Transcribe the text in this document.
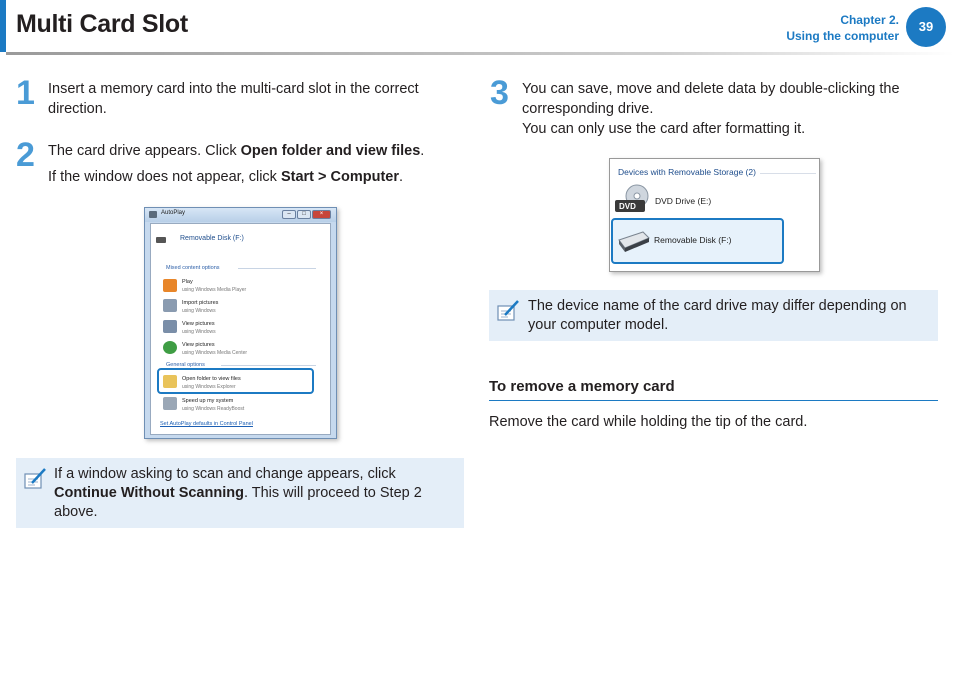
Multi Card Slot	Chapter 2.
Using the computer
39
1 Insert a memory card into the multi-card slot in the correct
direction.
2 The card drive appears. Click Open folder and view files.
If the window does not appear, click Start > Computer.
AutoPlay	–	□	×
Removable Disk (F:)
Mixed content options
Play
using Windows Media Player
Import pictures
using Windows
View pictures
using Windows
View pictures
using Windows Media Center
General options
Open folder to view files
using Windows Explorer
Speed up my system
using Windows ReadyBoost
Set AutoPlay defaults in Control Panel
If a window asking to scan and change appears, click
Continue Without Scanning. This will proceed to Step 2
above.
3 You can save, move and delete data by double-clicking the
corresponding drive.
You can only use the card after formatting it.
Devices with Removable Storage (2)
DVD
DVD Drive (E:)
Removable Disk (F:)
The device name of the card drive may differ depending on
your computer model.
To remove a memory card
Remove the card while holding the tip of the card.
